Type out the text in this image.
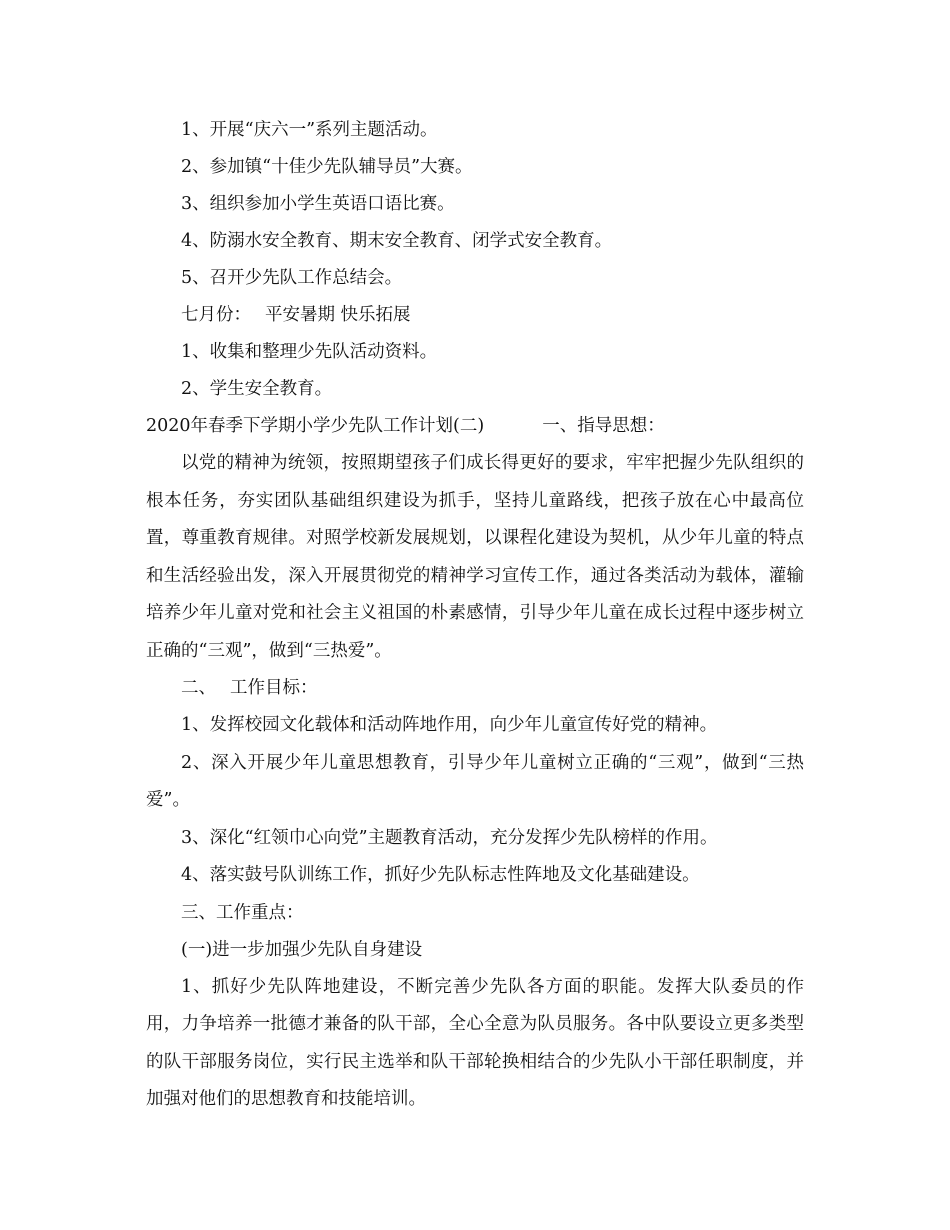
1、开展“庆六一”系列主题活动。
2、参加镇“十佳少先队辅导员”大赛。
3、组织参加小学生英语口语比赛。
4、防溺水安全教育、期末安全教育、闭学式安全教育。
5、召开少先队工作总结会。
七月份： 平安暑期 快乐拓展
1、收集和整理少先队活动资料。
2、学生安全教育。
2020年春季下学期小学少先队工作计划(二)	一、指导思想：

以党的精神为统领，按照期望孩子们成长得更好的要求，牢牢把握少先队组织的根本任务，夯实团队基础组织建设为抓手，坚持儿童路线，把孩子放在心中最高位置，尊重教育规律。对照学校新发展规划，以课程化建设为契机，从少年儿童的特点和生活经验出发，深入开展贯彻党的精神学习宣传工作，通过各类活动为载体，灌输培养少年儿童对党和社会主义祖国的朴素感情，引导少年儿童在成长过程中逐步树立正确的“三观”，做到“三热爱”。

二、 工作目标：

1、发挥校园文化载体和活动阵地作用，向少年儿童宣传好党的精神。

2、深入开展少年儿童思想教育，引导少年儿童树立正确的“三观”，做到“三热爱”。

3、深化“红领巾心向党”主题教育活动，充分发挥少先队榜样的作用。

4、落实鼓号队训练工作，抓好少先队标志性阵地及文化基础建设。

三、工作重点：
(一)进一步加强少先队自身建设

1、抓好少先队阵地建设，不断完善少先队各方面的职能。发挥大队委员的作用，力争培养一批德才兼备的队干部，全心全意为队员服务。各中队要设立更多类型的队干部服务岗位，实行民主选举和队干部轮换相结合的少先队小干部任职制度，并加强对他们的思想教育和技能培训。
